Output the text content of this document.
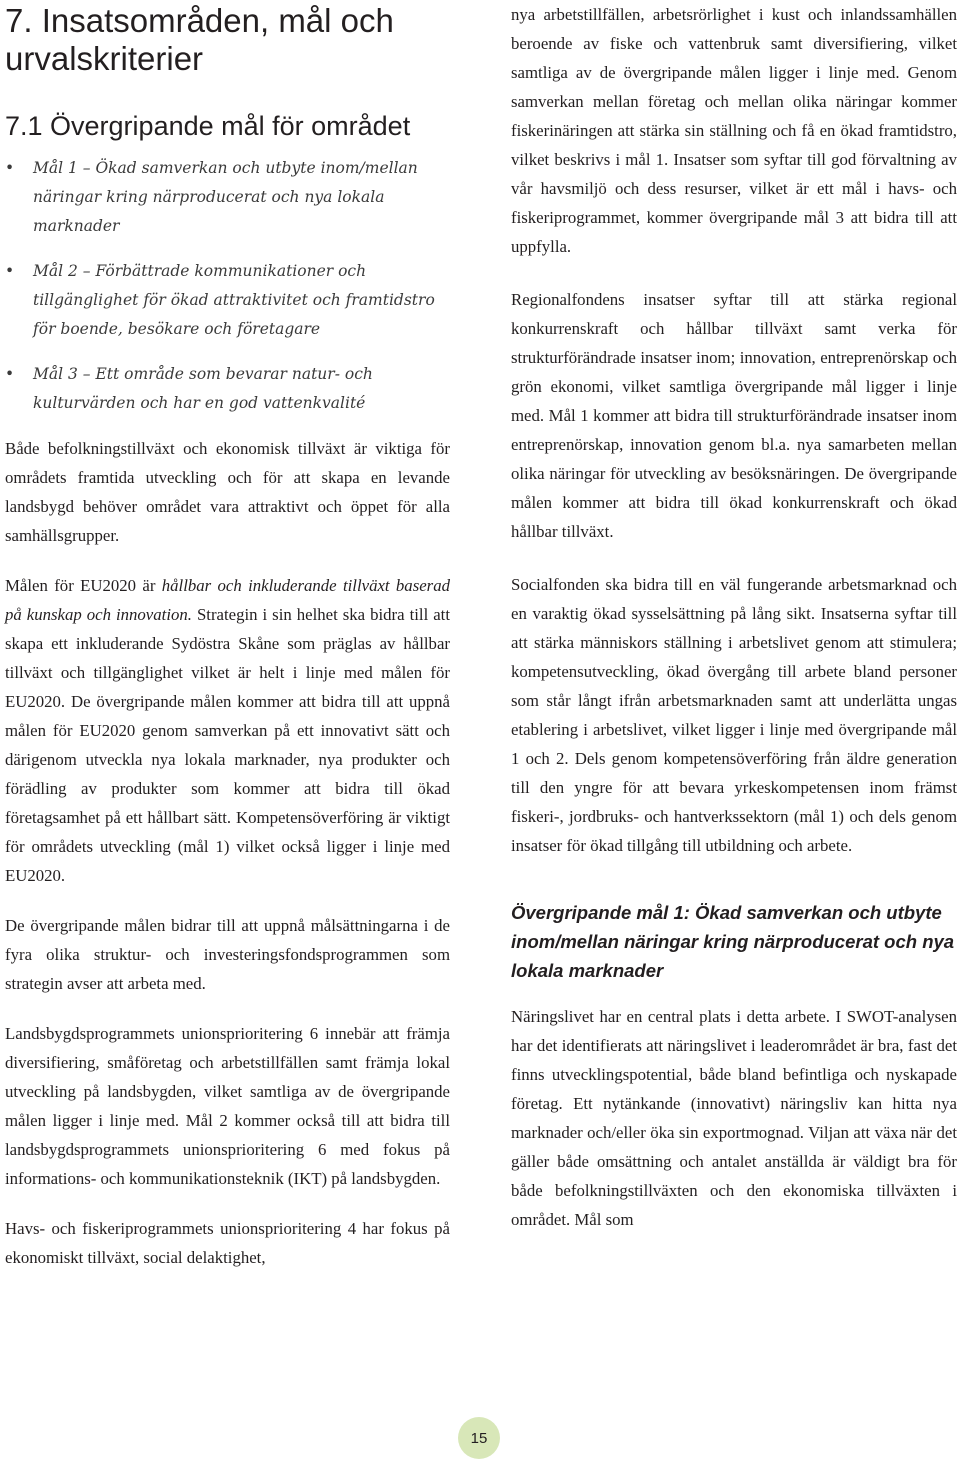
7. Insatsområden, mål och urvalskriterier
7.1 Övergripande mål för området
• Mål 1 – Ökad samverkan och utbyte inom/mellan näringar kring närproducerat och nya lokala marknader
• Mål 2 – Förbättrade kommunikationer och tillgänglighet för ökad attraktivitet och framtidstro för boende, besökare och företagare
• Mål 3 – Ett område som bevarar natur- och kulturvärden och har en god vattenkvalité

Både befolkningstillväxt och ekonomisk tillväxt är viktiga för områdets framtida utveckling och för att skapa en levande landsbygd behöver området vara attraktivt och öppet för alla samhällsgrupper.

Målen för EU2020 är hållbar och inkluderande tillväxt baserad på kunskap och innovation. Strategin i sin helhet ska bidra till att skapa ett inkluderande Sydöstra Skåne som präglas av hållbar tillväxt och tillgänglighet vilket är helt i linje med målen för EU2020. De övergripande målen kommer att bidra till att uppnå målen för EU2020 genom samverkan på ett innovativt sätt och därigenom utveckla nya lokala marknader, nya produkter och förädling av produkter som kommer att bidra till ökad företagsamhet på ett hållbart sätt. Kompetensöverföring är viktigt för områdets utveckling (mål 1) vilket också ligger i linje med EU2020.

De övergripande målen bidrar till att uppnå målsättningarna i de fyra olika struktur- och investeringsfondsprogrammen som strategin avser att arbeta med.

Landsbygdsprogrammets unionsprioritering 6 innebär att främja diversifiering, småföretag och arbetstillfällen samt främja lokal utveckling på landsbygden, vilket samtliga av de övergripande målen ligger i linje med. Mål 2 kommer också till att bidra till landsbygdsprogrammets unionsprioritering 6 med fokus på informations- och kommunikationsteknik (IKT) på landsbygden.

Havs- och fiskeriprogrammets unionsprioritering 4 har fokus på ekonomiskt tillväxt, social delaktighet,

nya arbetstillfällen, arbetsrörlighet i kust och inlandssamhällen beroende av fiske och vattenbruk samt diversifiering, vilket samtliga av de övergripande målen ligger i linje med. Genom samverkan mellan företag och mellan olika näringar kommer fiskerinäringen att stärka sin ställning och få en ökad framtidstro, vilket beskrivs i mål 1. Insatser som syftar till god förvaltning av vår havsmiljö och dess resurser, vilket är ett mål i havs- och fiskeriprogrammet, kommer övergripande mål 3 att bidra till att uppfylla.

Regionalfondens insatser syftar till att stärka regional konkurrenskraft och hållbar tillväxt samt verka för strukturförändrade insatser inom; innovation, entreprenörskap och grön ekonomi, vilket samtliga övergripande mål ligger i linje med. Mål 1 kommer att bidra till strukturförändrade insatser inom entreprenörskap, innovation genom bl.a. nya samarbeten mellan olika näringar för utveckling av besöksnäringen. De övergripande målen kommer att bidra till ökad konkurrenskraft och ökad hållbar tillväxt.

Socialfonden ska bidra till en väl fungerande arbetsmarknad och en varaktig ökad sysselsättning på lång sikt. Insatserna syftar till att stärka människors ställning i arbetslivet genom att stimulera; kompetensutveckling, ökad övergång till arbete bland personer som står långt ifrån arbetsmarknaden samt att underlätta ungas etablering i arbetslivet, vilket ligger i linje med övergripande mål 1 och 2. Dels genom kompetensöverföring från äldre generation till den yngre för att bevara yrkeskompetensen inom främst fiskeri-, jordbruks- och hantverkssektorn (mål 1) och dels genom insatser för ökad tillgång till utbildning och arbete.

Övergripande mål 1: Ökad samverkan och utbyte inom/mellan näringar kring närproducerat och nya lokala marknader

Näringslivet har en central plats i detta arbete. I SWOT-analysen har det identifierats att näringslivet i leaderområdet är bra, fast det finns utvecklingspotential, både bland befintliga och nyskapade företag. Ett nytänkande (innovativt) näringsliv kan hitta nya marknader och/eller öka sin exportmognad. Viljan att växa när det gäller både omsättning och antalet anställda är väldigt bra för både befolkningstillväxten och den ekonomiska tillväxten i området. Mål som

15
